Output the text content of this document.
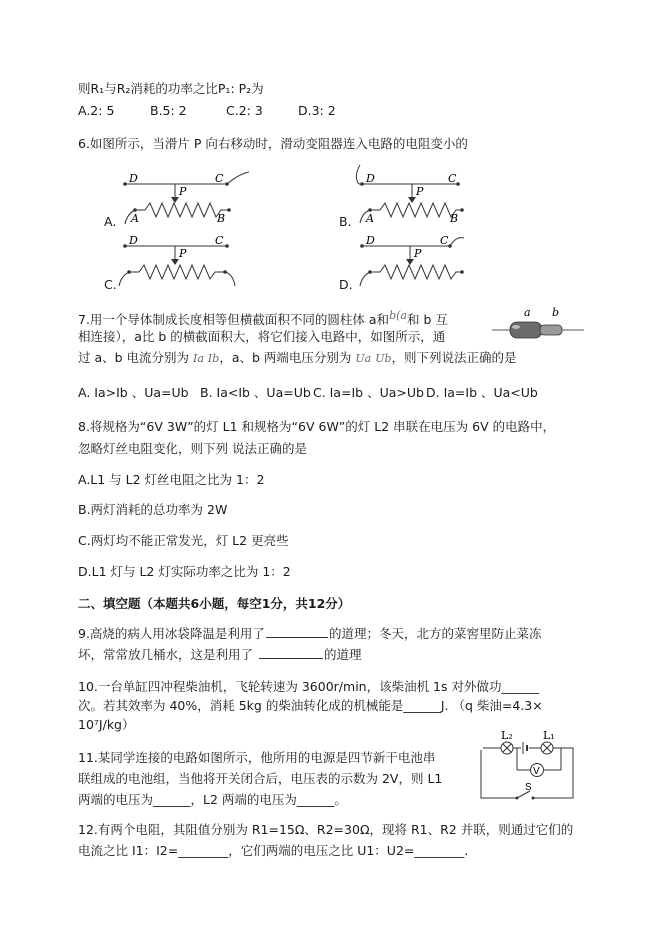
则R₁与R₂消耗的功率之比P₁: P₂为
A.2: 5	B.5: 2	C.2: 3	D.3: 2
6.如图所示，当滑片 P 向右移动时，滑动变阻器连入电路的电阻变小的
A.
D	C
P
A	B	B.
D	C
P
A	B
C.
D	C
P
D.
D	C
P
7.用一个导体制成长度相等但横截面积不同的圆柱体 a和$^{b(a}$和 b 互
相连接），a比 b 的横截面积大，将它们接入电路中，如图所示，通
过 a、b 电流分别为 Ia Ib，a、b 两端电压分别为 Ua Ub，则下列说法正确的是
a b
A. Ia>Ib 、Ua=Ub B. Ia<Ib 、Ua=Ub C. Ia=Ib 、Ua>Ub D. Ia=Ib 、Ua<Ub
8.将规格为“6V 3W”的灯 L1 和规格为“6V 6W”的灯 L2 串联在电压为 6V 的电路中，
忽略灯丝电阻变化，则下列 说法正确的是
A.L1 与 L2 灯丝电阻之比为 1：2
B.两灯消耗的总功率为 2W
C.两灯均不能正常发光，灯 L2 更亮些
D.L1 灯与 L2 灯实际功率之比为 1：2
二、填空题（本题共6小题，每空1分，共12分）
9.高烧的病人用冰袋降温是利用了	的道理；冬天，北方的菜窖里防止菜冻
坏，常常放几桶水，这是利用了	的道理
10.一台单缸四冲程柴油机，飞轮转速为 3600r/min，该柴油机 1s 对外做功______
次。若其效率为 40%，消耗 5kg 的柴油转化成的机械能是______J. （q 柴油=4.3×
10⁷J/kg）
11.某同学连接的电路如图所示，他所用的电源是四节新干电池串
联组成的电池组，当他将开关闭合后，电压表的示数为 2V，则 L1
两端的电压为______，L2 两端的电压为______。
L₂	L₁
V
S
12.有两个电阻，其阻值分别为 R1=15Ω、R2=30Ω，现将 R1、R2 并联，则通过它们的
电流之比 I1：I2=________，它们两端的电压之比 U1：U2=________.
